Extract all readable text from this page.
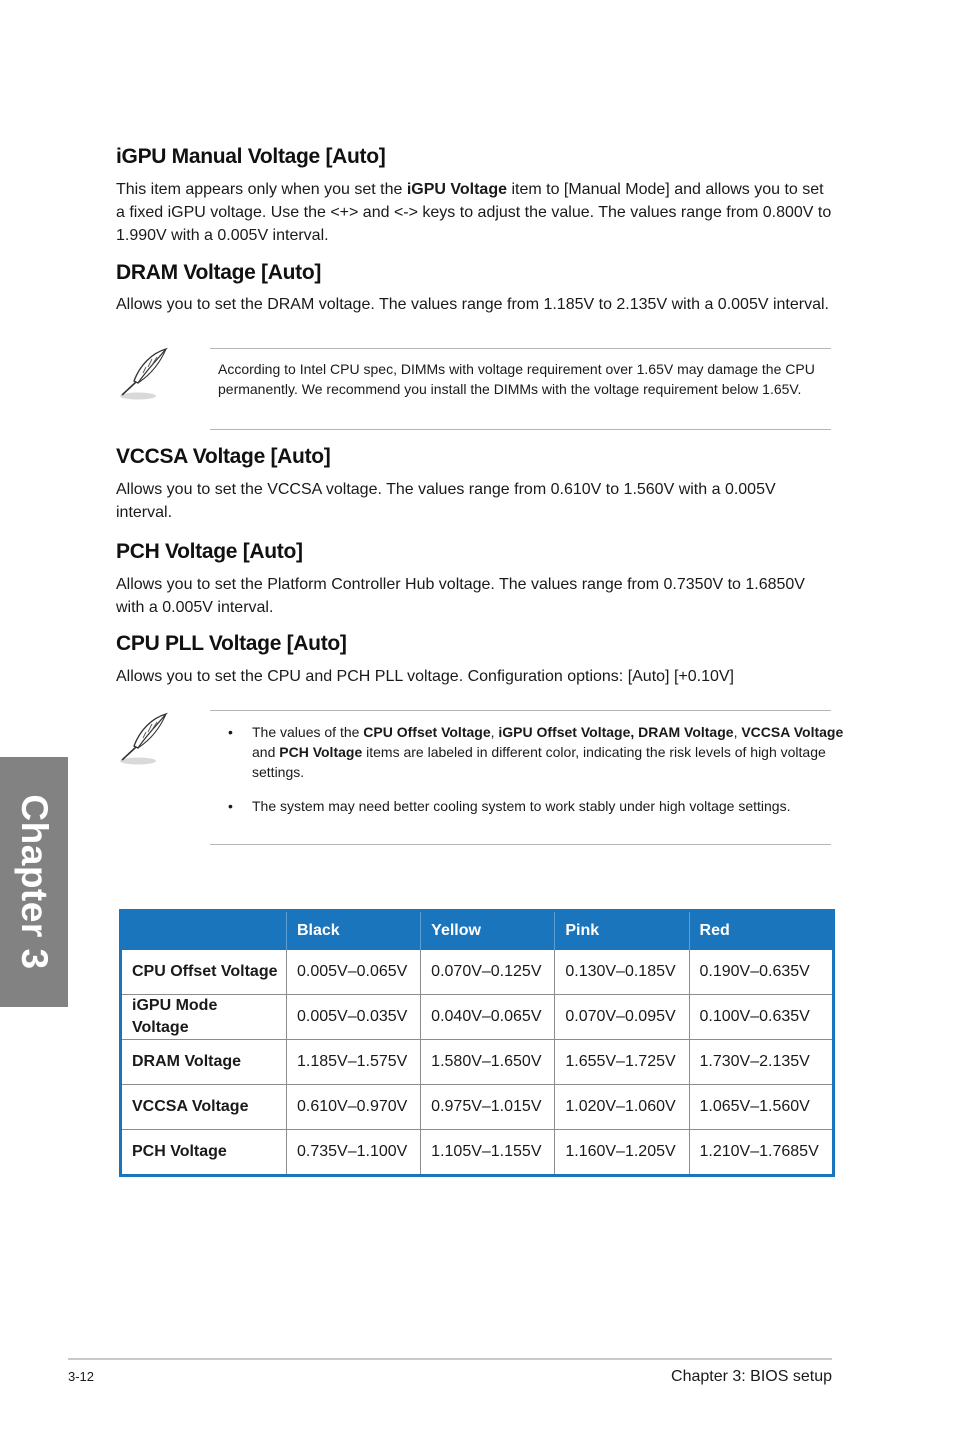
Chapter 3
iGPU Manual Voltage [Auto]

This item appears only when you set the iGPU Voltage item to [Manual Mode] and allows you to set a fixed iGPU voltage. Use the <+> and <-> keys to adjust the value. The values range from 0.800V to 1.990V with a 0.005V interval.

DRAM Voltage [Auto]

Allows you to set the DRAM voltage. The values range from 1.185V to 2.135V with a 0.005V interval.

According to Intel CPU spec, DIMMs with voltage requirement over 1.65V may damage the CPU permanently. We recommend you install the DIMMs with the voltage requirement below 1.65V.
VCCSA Voltage [Auto]

Allows you to set the VCCSA voltage. The values range from 0.610V to 1.560V with a 0.005V interval.

PCH Voltage [Auto]

Allows you to set the Platform Controller Hub voltage. The values range from 0.7350V to 1.6850V with a 0.005V interval.

CPU PLL Voltage [Auto]

Allows you to set the CPU and PCH PLL voltage. Configuration options: [Auto] [+0.10V]

• The values of the CPU Offset Voltage, iGPU Offset Voltage, DRAM Voltage, VCCSA Voltage and PCH Voltage items are labeled in different color, indicating the risk levels of high voltage settings.
• The system may need better cooling system to work stably under high voltage settings.
	Black	Yellow	Pink	Red
CPU Offset Voltage	0.005V–0.065V	0.070V–0.125V	0.130V–0.185V	0.190V–0.635V
iGPU Mode Voltage	0.005V–0.035V	0.040V–0.065V	0.070V–0.095V	0.100V–0.635V
DRAM Voltage	1.185V–1.575V	1.580V–1.650V	1.655V–1.725V	1.730V–2.135V
VCCSA Voltage	0.610V–0.970V	0.975V–1.015V	1.020V–1.060V	1.065V–1.560V
PCH Voltage	0.735V–1.100V	1.105V–1.155V	1.160V–1.205V	1.210V–1.7685V
3-12	Chapter 3: BIOS setup
